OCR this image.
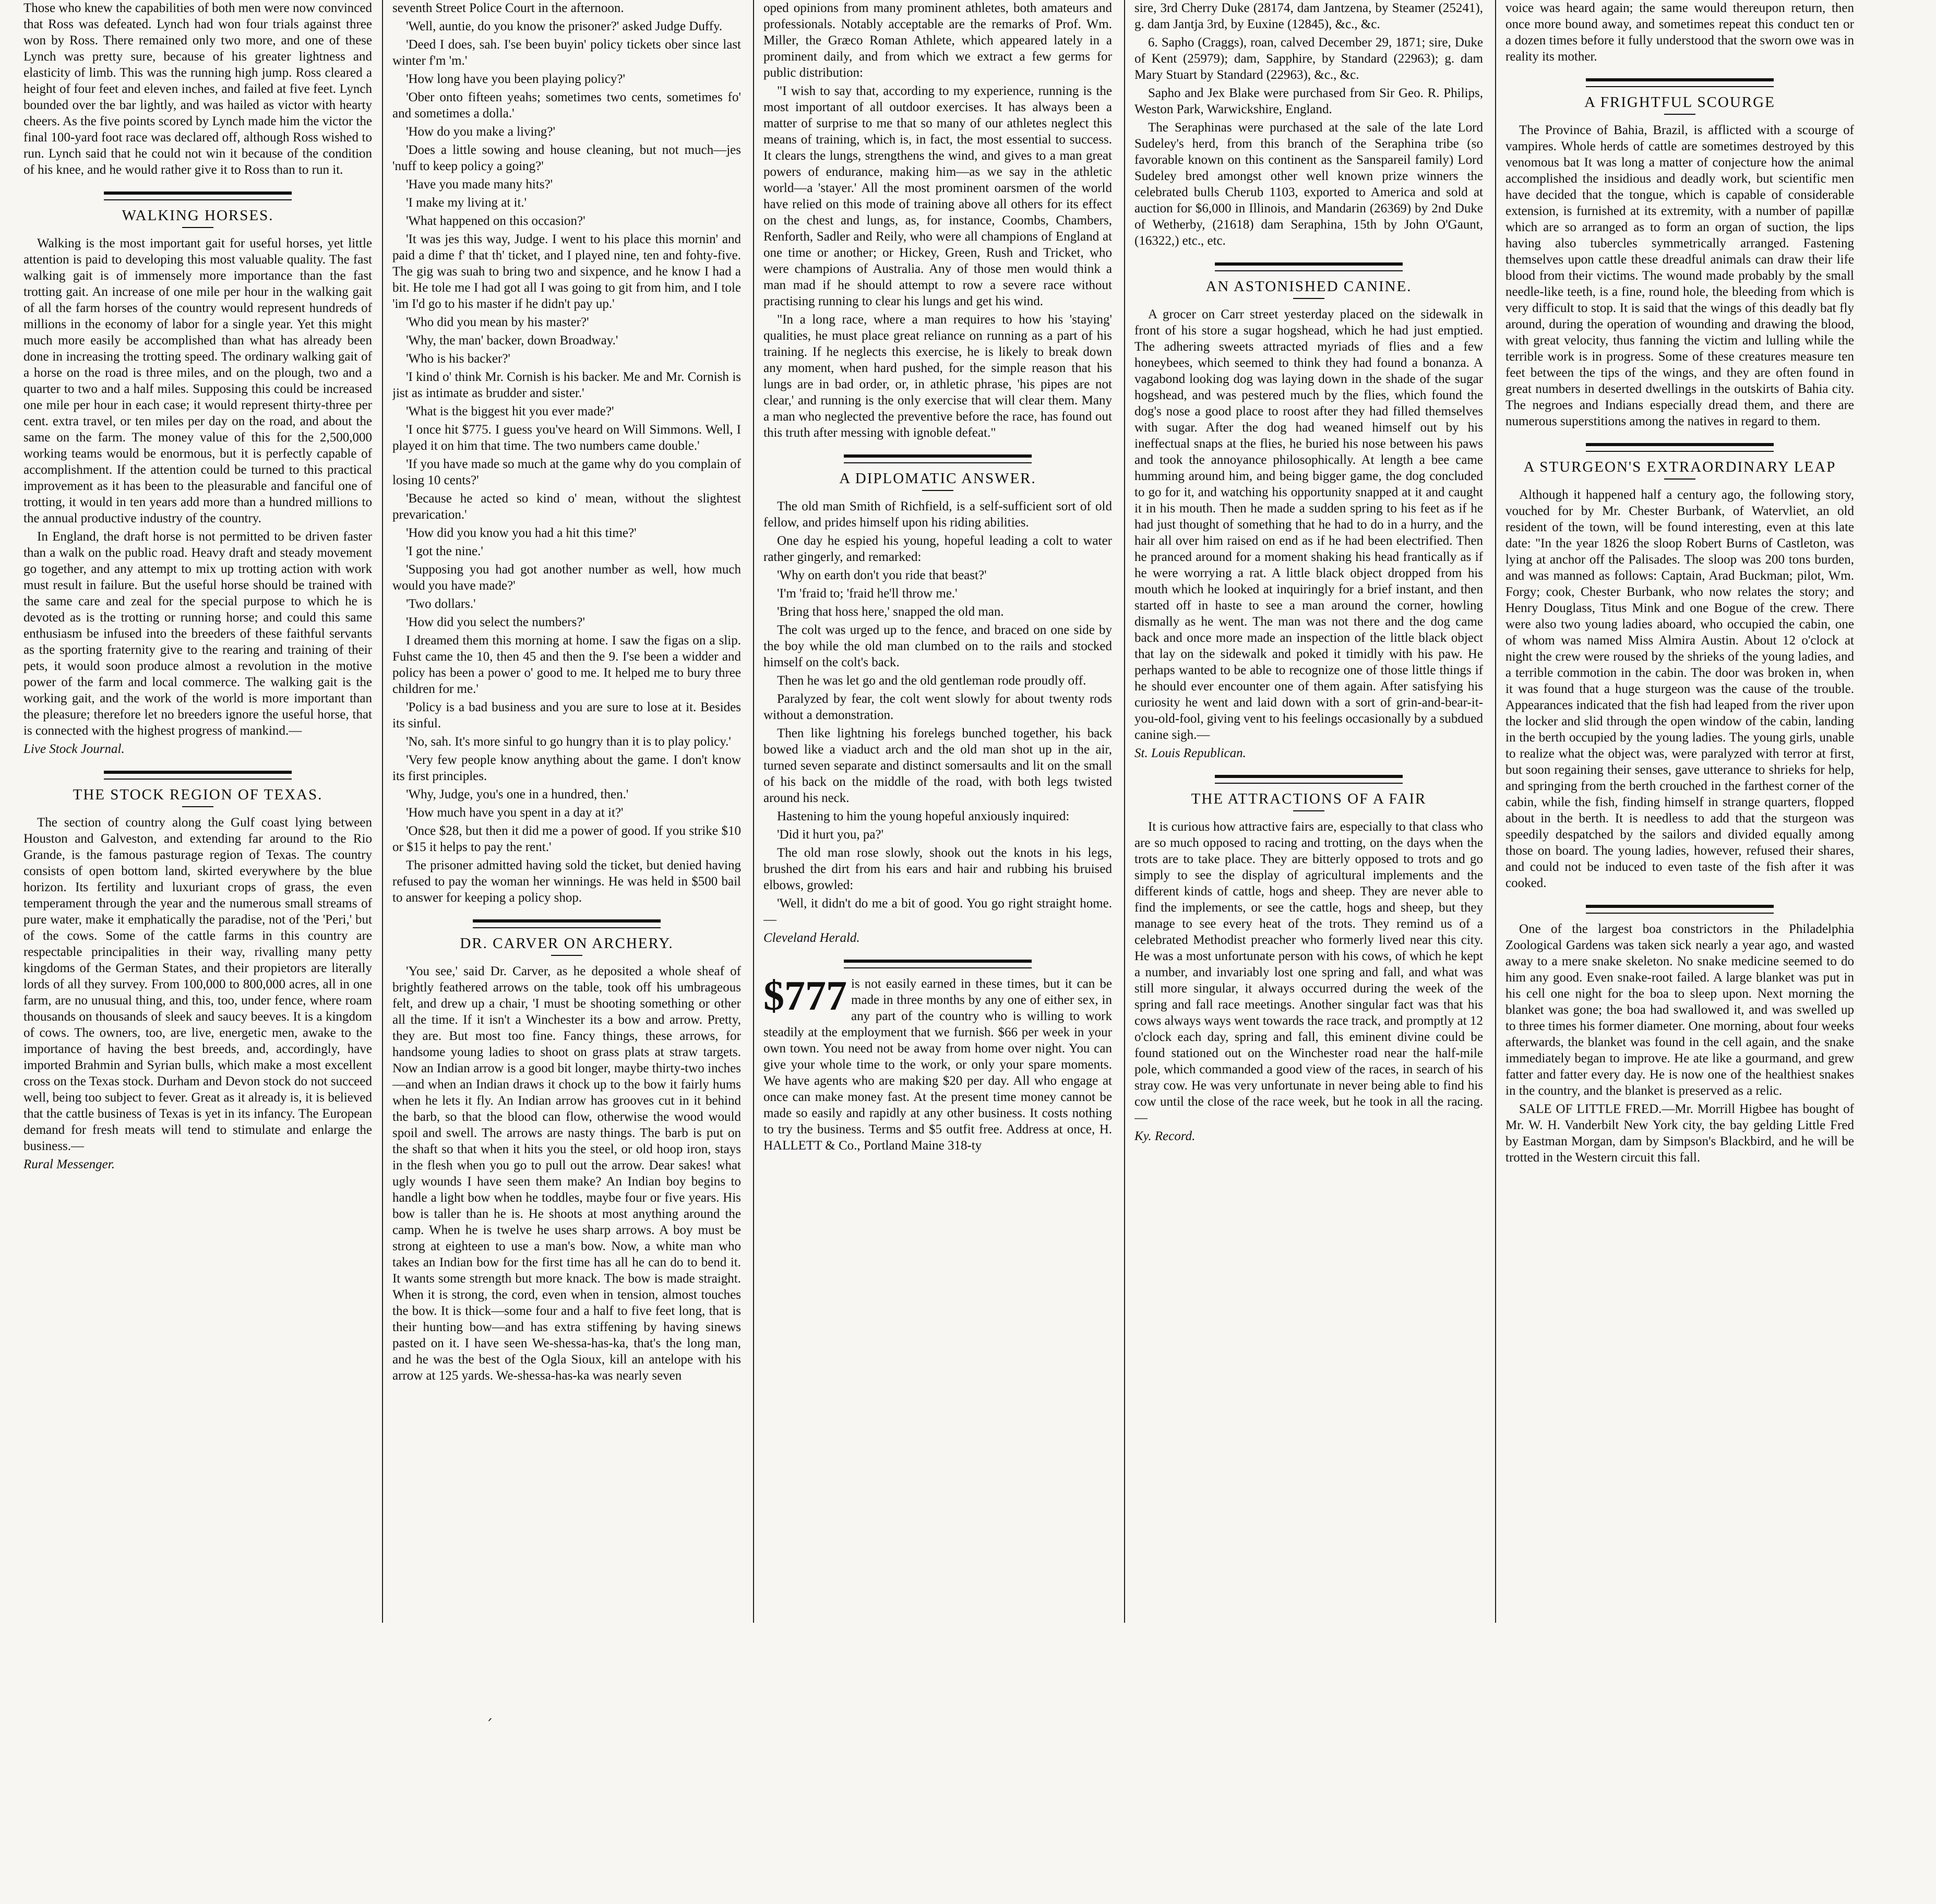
Those who knew the capabilities of both men were now convinced that Ross was defeated. Lynch had won four trials against three won by Ross. There remained only two more, and one of these Lynch was pretty sure, because of his greater lightness and elasticity of limb. This was the running high jump. Ross cleared a height of four feet and eleven inches, and failed at five feet. Lynch bounded over the bar lightly, and was hailed as victor with hearty cheers. As the five points scored by Lynch made him the victor the final 100-yard foot race was declared off, although Ross wished to run. Lynch said that he could not win it because of the condition of his knee, and he would rather give it to Ross than to run it.

WALKING HORSES.

Walking is the most important gait for useful horses, yet little attention is paid to developing this most valuable quality. The fast walking gait is of immensely more importance than the fast trotting gait. An increase of one mile per hour in the walking gait of all the farm horses of the country would represent hundreds of millions in the economy of labor for a single year. Yet this might much more easily be accomplished than what has already been done in increasing the trotting speed. The ordinary walking gait of a horse on the road is three miles, and on the plough, two and a quarter to two and a half miles. Supposing this could be increased one mile per hour in each case; it would represent thirty-three per cent. extra travel, or ten miles per day on the road, and about the same on the farm. The money value of this for the 2,500,000 working teams would be enormous, but it is perfectly capable of accomplishment. If the attention could be turned to this practical improvement as it has been to the pleasurable and fanciful one of trotting, it would in ten years add more than a hundred millions to the annual productive industry of the country.

In England, the draft horse is not permitted to be driven faster than a walk on the public road. Heavy draft and steady movement go together, and any attempt to mix up trotting action with work must result in failure. But the useful horse should be trained with the same care and zeal for the special purpose to which he is devoted as is the trotting or running horse; and could this same enthusiasm be infused into the breeders of these faithful servants as the sporting fraternity give to the rearing and training of their pets, it would soon produce almost a revolution in the motive power of the farm and local commerce. The walking gait is the working gait, and the work of the world is more important than the pleasure; therefore let no breeders ignore the useful horse, that is connected with the highest progress of mankind.—

Live Stock Journal.

THE STOCK REGION OF TEXAS.

The section of country along the Gulf coast lying between Houston and Galveston, and extending far around to the Rio Grande, is the famous pasturage region of Texas. The country consists of open bottom land, skirted everywhere by the blue horizon. Its fertility and luxuriant crops of grass, the even temperament through the year and the numerous small streams of pure water, make it emphatically the paradise, not of the 'Peri,' but of the cows. Some of the cattle farms in this country are respectable principalities in their way, rivalling many petty kingdoms of the German States, and their propietors are literally lords of all they survey. From 100,000 to 800,000 acres, all in one farm, are no unusual thing, and this, too, under fence, where roam thousands on thousands of sleek and saucy beeves. It is a kingdom of cows. The owners, too, are live, energetic men, awake to the importance of having the best breeds, and, accordingly, have imported Brahmin and Syrian bulls, which make a most excellent cross on the Texas stock. Durham and Devon stock do not succeed well, being too subject to fever. Great as it already is, it is believed that the cattle business of Texas is yet in its infancy. The European demand for fresh meats will tend to stimulate and enlarge the business.—

Rural Messenger.

seventh Street Police Court in the afternoon.

'Well, auntie, do you know the prisoner?' asked Judge Duffy.

'Deed I does, sah. I'se been buyin' policy tickets ober since last winter f'm 'm.'

'How long have you been playing policy?'

'Ober onto fifteen yeahs; sometimes two cents, sometimes fo' and sometimes a dolla.'

'How do you make a living?'

'Does a little sowing and house cleaning, but not much—jes 'nuff to keep policy a going?'

'Have you made many hits?'

'I make my living at it.'

'What happened on this occasion?'

'It was jes this way, Judge. I went to his place this mornin' and paid a dime f' that th' ticket, and I played nine, ten and fohty-five. The gig was suah to bring two and sixpence, and he know I had a bit. He tole me I had got all I was going to git from him, and I tole 'im I'd go to his master if he didn't pay up.'

'Who did you mean by his master?'

'Why, the man' backer, down Broadway.'

'Who is his backer?'

'I kind o' think Mr. Cornish is his backer. Me and Mr. Cornish is jist as intimate as brudder and sister.'

'What is the biggest hit you ever made?'

'I once hit $775. I guess you've heard on Will Simmons. Well, I played it on him that time. The two numbers came double.'

'If you have made so much at the game why do you complain of losing 10 cents?'

'Because he acted so kind o' mean, without the slightest prevarication.'

'How did you know you had a hit this time?'

'I got the nine.'

'Supposing you had got another number as well, how much would you have made?'

'Two dollars.'

'How did you select the numbers?'

I dreamed them this morning at home. I saw the figas on a slip. Fuhst came the 10, then 45 and then the 9. I'se been a widder and policy has been a power o' good to me. It helped me to bury three children for me.'

'Policy is a bad business and you are sure to lose at it. Besides its sinful.

'No, sah. It's more sinful to go hungry than it is to play policy.'

'Very few people know anything about the game. I don't know its first principles.

'Why, Judge, you's one in a hundred, then.'

'How much have you spent in a day at it?'

'Once $28, but then it did me a power of good. If you strike $10 or $15 it helps to pay the rent.'

The prisoner admitted having sold the ticket, but denied having refused to pay the woman her winnings. He was held in $500 bail to answer for keeping a policy shop.

DR. CARVER ON ARCHERY.

'You see,' said Dr. Carver, as he deposited a whole sheaf of brightly feathered arrows on the table, took off his umbrageous felt, and drew up a chair, 'I must be shooting something or other all the time. If it isn't a Winchester its a bow and arrow. Pretty, they are. But most too fine. Fancy things, these arrows, for handsome young ladies to shoot on grass plats at straw targets. Now an Indian arrow is a good bit longer, maybe thirty-two inches—and when an Indian draws it chock up to the bow it fairly hums when he lets it fly. An Indian arrow has grooves cut in it behind the barb, so that the blood can flow, otherwise the wood would spoil and swell. The arrows are nasty things. The barb is put on the shaft so that when it hits you the steel, or old hoop iron, stays in the flesh when you go to pull out the arrow. Dear sakes! what ugly wounds I have seen them make? An Indian boy begins to handle a light bow when he toddles, maybe four or five years. His bow is taller than he is. He shoots at most anything around the camp. When he is twelve he uses sharp arrows. A boy must be strong at eighteen to use a man's bow. Now, a white man who takes an Indian bow for the first time has all he can do to bend it. It wants some strength but more knack. The bow is made straight. When it is strong, the cord, even when in tension, almost touches the bow. It is thick—some four and a half to five feet long, that is their hunting bow—and has extra stiffening by having sinews pasted on it. I have seen We-shessa-has-ka, that's the long man, and he was the best of the Ogla Sioux, kill an antelope with his arrow at 125 yards. We-shessa-has-ka was nearly seven

oped opinions from many prominent athletes, both amateurs and professionals. Notably acceptable are the remarks of Prof. Wm. Miller, the Græco Roman Athlete, which appeared lately in a prominent daily, and from which we extract a few germs for public distribution:

"I wish to say that, according to my experience, running is the most important of all outdoor exercises. It has always been a matter of surprise to me that so many of our athletes neglect this means of training, which is, in fact, the most essential to success. It clears the lungs, strengthens the wind, and gives to a man great powers of endurance, making him—as we say in the athletic world—a 'stayer.' All the most prominent oarsmen of the world have relied on this mode of training above all others for its effect on the chest and lungs, as, for instance, Coombs, Chambers, Renforth, Sadler and Reily, who were all champions of England at one time or another; or Hickey, Green, Rush and Tricket, who were champions of Australia. Any of those men would think a man mad if he should attempt to row a severe race without practising running to clear his lungs and get his wind.

"In a long race, where a man requires to how his 'staying' qualities, he must place great reliance on running as a part of his training. If he neglects this exercise, he is likely to break down any moment, when hard pushed, for the simple reason that his lungs are in bad order, or, in athletic phrase, 'his pipes are not clear,' and running is the only exercise that will clear them. Many a man who neglected the preventive before the race, has found out this truth after messing with ignoble defeat."

A DIPLOMATIC ANSWER.

The old man Smith of Richfield, is a self-sufficient sort of old fellow, and prides himself upon his riding abilities.

One day he espied his young, hopeful leading a colt to water rather gingerly, and remarked:

'Why on earth don't you ride that beast?'

'I'm 'fraid to; 'fraid he'll throw me.'

'Bring that hoss here,' snapped the old man.

The colt was urged up to the fence, and braced on one side by the boy while the old man clumbed on to the rails and stocked himself on the colt's back.

Then he was let go and the old gentleman rode proudly off.

Paralyzed by fear, the colt went slowly for about twenty rods without a demonstration.

Then like lightning his forelegs bunched together, his back bowed like a viaduct arch and the old man shot up in the air, turned seven separate and distinct somersaults and lit on the small of his back on the middle of the road, with both legs twisted around his neck.

Hastening to him the young hopeful anxiously inquired:

'Did it hurt you, pa?'

The old man rose slowly, shook out the knots in his legs, brushed the dirt from his ears and hair and rubbing his bruised elbows, growled:

'Well, it didn't do me a bit of good. You go right straight home.—

Cleveland Herald.

$777 is not easily earned in these times, but it can be made in three months by any one of either sex, in any part of the country who is willing to work steadily at the employment that we furnish. $66 per week in your own town. You need not be away from home over night. You can give your whole time to the work, or only your spare moments. We have agents who are making $20 per day. All who engage at once can make money fast. At the present time money cannot be made so easily and rapidly at any other business. It costs nothing to try the business. Terms and $5 outfit free. Address at once, H. HALLETT & Co., Portland Maine 318-ty

sire, 3rd Cherry Duke (28174, dam Jantzena, by Steamer (25241), g. dam Jantja 3rd, by Euxine (12845), &c., &c.

6. Sapho (Craggs), roan, calved December 29, 1871; sire, Duke of Kent (25979); dam, Sapphire, by Standard (22963); g. dam Mary Stuart by Standard (22963), &c., &c.

Sapho and Jex Blake were purchased from Sir Geo. R. Philips, Weston Park, Warwickshire, England.

The Seraphinas were purchased at the sale of the late Lord Sudeley's herd, from this branch of the Seraphina tribe (so favorable known on this continent as the Sanspareil family) Lord Sudeley bred amongst other well known prize winners the celebrated bulls Cherub 1103, exported to America and sold at auction for $6,000 in Illinois, and Mandarin (26369) by 2nd Duke of Wetherby, (21618) dam Seraphina, 15th by John O'Gaunt, (16322,) etc., etc.

AN ASTONISHED CANINE.

A grocer on Carr street yesterday placed on the sidewalk in front of his store a sugar hogshead, which he had just emptied. The adhering sweets attracted myriads of flies and a few honeybees, which seemed to think they had found a bonanza. A vagabond looking dog was laying down in the shade of the sugar hogshead, and was pestered much by the flies, which found the dog's nose a good place to roost after they had filled themselves with sugar. After the dog had weaned himself out by his ineffectual snaps at the flies, he buried his nose between his paws and took the annoyance philosophically. At length a bee came humming around him, and being bigger game, the dog concluded to go for it, and watching his opportunity snapped at it and caught it in his mouth. Then he made a sudden spring to his feet as if he had just thought of something that he had to do in a hurry, and the hair all over him raised on end as if he had been electrified. Then he pranced around for a moment shaking his head frantically as if he were worrying a rat. A little black object dropped from his mouth which he looked at inquiringly for a brief instant, and then started off in haste to see a man around the corner, howling dismally as he went. The man was not there and the dog came back and once more made an inspection of the little black object that lay on the sidewalk and poked it timidly with his paw. He perhaps wanted to be able to recognize one of those little things if he should ever encounter one of them again. After satisfying his curiosity he went and laid down with a sort of grin-and-bear-it-you-old-fool, giving vent to his feelings occasionally by a subdued canine sigh.—

St. Louis Republican.

THE ATTRACTIONS OF A FAIR

It is curious how attractive fairs are, especially to that class who are so much opposed to racing and trotting, on the days when the trots are to take place. They are bitterly opposed to trots and go simply to see the display of agricultural implements and the different kinds of cattle, hogs and sheep. They are never able to find the implements, or see the cattle, hogs and sheep, but they manage to see every heat of the trots. They remind us of a celebrated Methodist preacher who formerly lived near this city. He was a most unfortunate person with his cows, of which he kept a number, and invariably lost one spring and fall, and what was still more singular, it always occurred during the week of the spring and fall race meetings. Another singular fact was that his cows always ways went towards the race track, and promptly at 12 o'clock each day, spring and fall, this eminent divine could be found stationed out on the Winchester road near the half-mile pole, which commanded a good view of the races, in search of his stray cow. He was very unfortunate in never being able to find his cow until the close of the race week, but he took in all the racing.—

Ky. Record.

voice was heard again; the same would thereupon return, then once more bound away, and sometimes repeat this conduct ten or a dozen times before it fully understood that the sworn owe was in reality its mother.

A FRIGHTFUL SCOURGE

The Province of Bahia, Brazil, is afflicted with a scourge of vampires. Whole herds of cattle are sometimes destroyed by this venomous bat It was long a matter of conjecture how the animal accomplished the insidious and deadly work, but scientific men have decided that the tongue, which is capable of considerable extension, is furnished at its extremity, with a number of papillæ which are so arranged as to form an organ of suction, the lips having also tubercles symmetrically arranged. Fastening themselves upon cattle these dreadful animals can draw their life blood from their victims. The wound made probably by the small needle-like teeth, is a fine, round hole, the bleeding from which is very difficult to stop. It is said that the wings of this deadly bat fly around, during the operation of wounding and drawing the blood, with great velocity, thus fanning the victim and lulling while the terrible work is in progress. Some of these creatures measure ten feet between the tips of the wings, and they are often found in great numbers in deserted dwellings in the outskirts of Bahia city. The negroes and Indians especially dread them, and there are numerous superstitions among the natives in regard to them.

A STURGEON'S EXTRAORDINARY LEAP

Although it happened half a century ago, the following story, vouched for by Mr. Chester Burbank, of Watervliet, an old resident of the town, will be found interesting, even at this late date: "In the year 1826 the sloop Robert Burns of Castleton, was lying at anchor off the Palisades. The sloop was 200 tons burden, and was manned as follows: Captain, Arad Buckman; pilot, Wm. Forgy; cook, Chester Burbank, who now relates the story; and Henry Douglass, Titus Mink and one Bogue of the crew. There were also two young ladies aboard, who occupied the cabin, one of whom was named Miss Almira Austin. About 12 o'clock at night the crew were roused by the shrieks of the young ladies, and a terrible commotion in the cabin. The door was broken in, when it was found that a huge sturgeon was the cause of the trouble. Appearances indicated that the fish had leaped from the river upon the locker and slid through the open window of the cabin, landing in the berth occupied by the young ladies. The young girls, unable to realize what the object was, were paralyzed with terror at first, but soon regaining their senses, gave utterance to shrieks for help, and springing from the berth crouched in the farthest corner of the cabin, while the fish, finding himself in strange quarters, flopped about in the berth. It is needless to add that the sturgeon was speedily despatched by the sailors and divided equally among those on board. The young ladies, however, refused their shares, and could not be induced to even taste of the fish after it was cooked.

One of the largest boa constrictors in the Philadelphia Zoological Gardens was taken sick nearly a year ago, and wasted away to a mere snake skeleton. No snake medicine seemed to do him any good. Even snake-root failed. A large blanket was put in his cell one night for the boa to sleep upon. Next morning the blanket was gone; the boa had swallowed it, and was swelled up to three times his former diameter. One morning, about four weeks afterwards, the blanket was found in the cell again, and the snake immediately began to improve. He ate like a gourmand, and grew fatter and fatter every day. He is now one of the healthiest snakes in the country, and the blanket is preserved as a relic.

SALE OF LITTLE FRED.—Mr. Morrill Higbee has bought of Mr. W. H. Vanderbilt New York city, the bay gelding Little Fred by Eastman Morgan, dam by Simpson's Blackbird, and he will be trotted in the Western circuit this fall.

ˊ
